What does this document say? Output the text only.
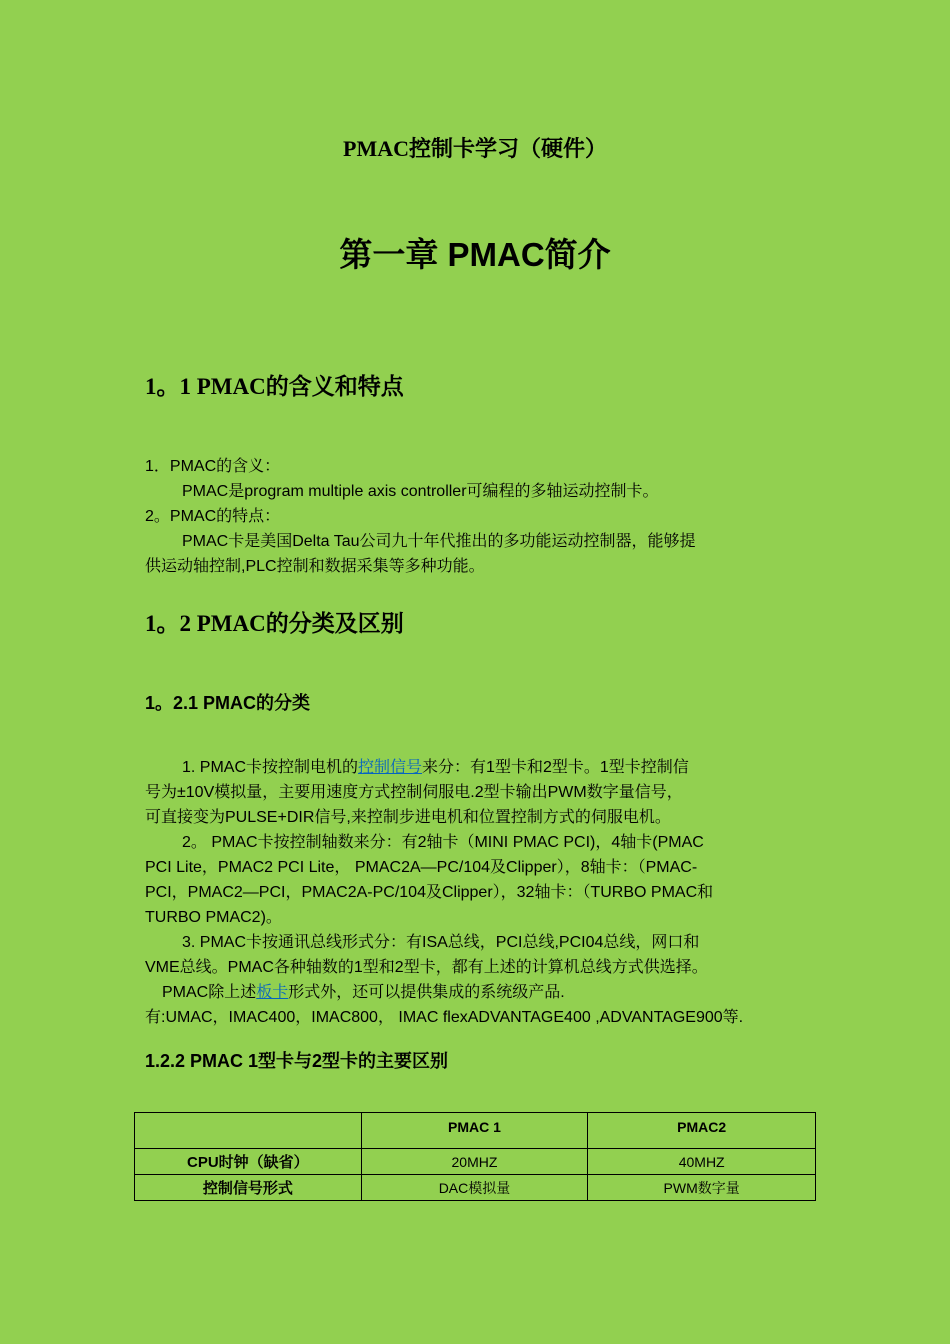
PMAC控制卡学习（硬件）
第一章 PMAC简介
1。1 PMAC的含义和特点
1．PMAC的含义：
PMAC是program multiple axis controller可编程的多轴运动控制卡。
2。PMAC的特点：
PMAC卡是美国Delta Tau公司九十年代推出的多功能运动控制器，能够提
供运动轴控制,PLC控制和数据采集等多种功能。
1。2 PMAC的分类及区别
1。2.1 PMAC的分类
1. PMAC卡按控制电机的控制信号来分：有1型卡和2型卡。1型卡控制信
号为±10V模拟量，主要用速度方式控制伺服电.2型卡输出PWM数字量信号，
可直接变为PULSE+DIR信号,来控制步进电机和位置控制方式的伺服电机。
2。 PMAC卡按控制轴数来分：有2轴卡（MINI PMAC PCI)，4轴卡(PMAC
PCI Lite，PMAC2 PCI Lite， PMAC2A—PC/104及Clipper），8轴卡：（PMAC-
PCI，PMAC2—PCI，PMAC2A-PC/104及Clipper），32轴卡：（TURBO PMAC和
TURBO PMAC2)。
3. PMAC卡按通讯总线形式分：有ISA总线，PCI总线,PCI04总线，网口和
VME总线。PMAC各种轴数的1型和2型卡，都有上述的计算机总线方式供选择。
PMAC除上述板卡形式外，还可以提供集成的系统级产品.
有:UMAC，IMAC400，IMAC800， IMAC flexADVANTAGE400 ,ADVANTAGE900等.
1.2.2 PMAC 1型卡与2型卡的主要区别
	PMAC 1	PMAC2
CPU时钟（缺省）	20MHZ	40MHZ
控制信号形式	DAC模拟量	PWM数字量
